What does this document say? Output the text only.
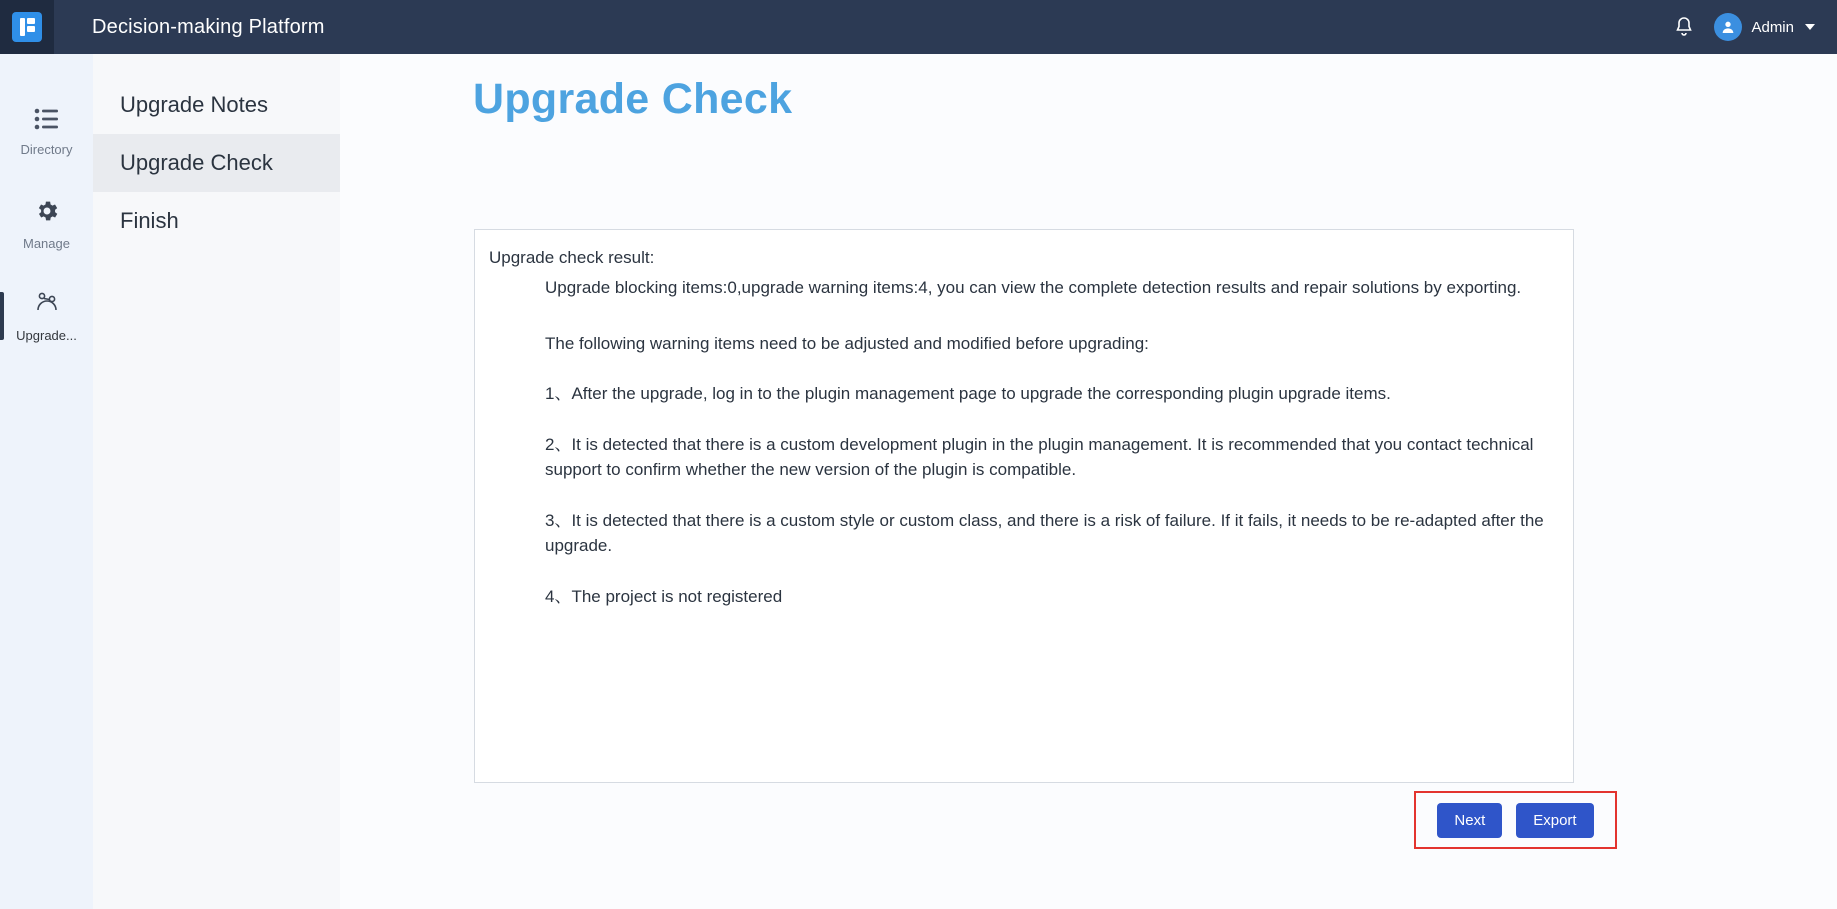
Decision-making Platform	Admin
Directory
Manage
Upgrade...
Upgrade Notes
Upgrade Check
Finish
Upgrade Check
Upgrade check result:

Upgrade blocking items:0,upgrade warning items:4, you can view the complete detection results and repair solutions by exporting.

The following warning items need to be adjusted and modified before upgrading:

1、After the upgrade, log in to the plugin management page to upgrade the corresponding plugin upgrade items.

2、It is detected that there is a custom development plugin in the plugin management. It is recommended that you contact technical support to confirm whether the new version of the plugin is compatible.

3、It is detected that there is a custom style or custom class, and there is a risk of failure. If it fails, it needs to be re-adapted after the upgrade.

4、The project is not registered

Next	Export
